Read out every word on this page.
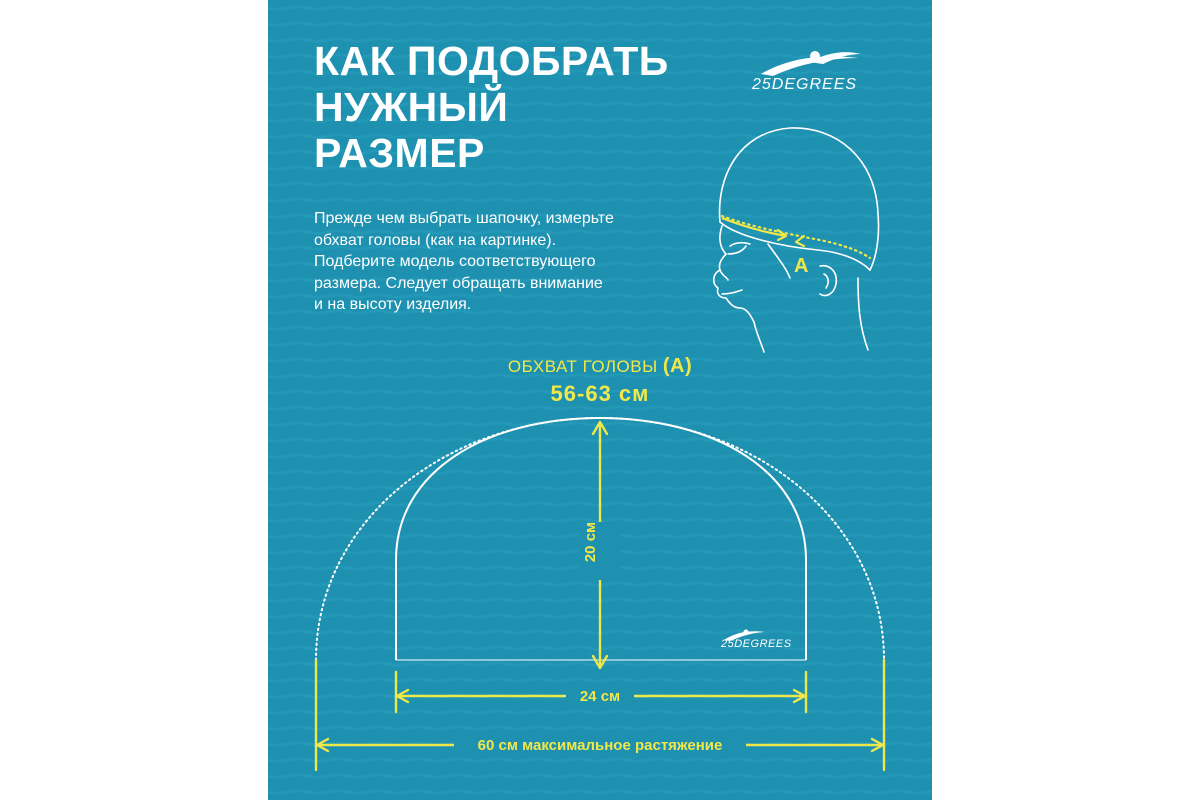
КАК ПОДОБРАТЬ
НУЖНЫЙ
РАЗМЕР
25DEGREES
Прежде чем выбрать шапочку, измерьте
обхват головы (как на картинке).
Подберите модель соответствующего
размера. Следует обращать внимание
и на высоту изделия.
A
ОБХВАТ ГОЛОВЫ (A)
56-63 см
20 см
24 см
60 см максимальное растяжение
25DEGREES
